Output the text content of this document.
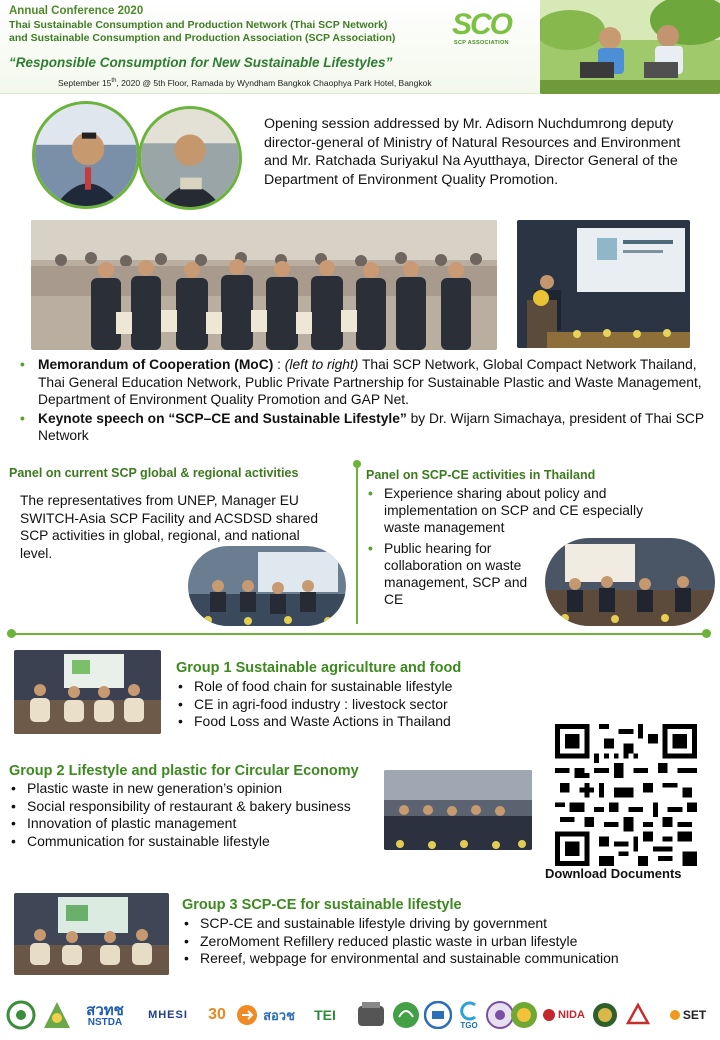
Annual Conference 2020
Thai Sustainable Consumption and Production Network (Thai SCP Network)
and Sustainable Consumption and Production Association (SCP Association)
“Responsible Consumption for New Sustainable Lifestyles”
September 15th, 2020 @ 5th Floor, Ramada by Wyndham Bangkok Chaophya Park Hotel, Bangkok
SCO
SCP ASSOCIATION
Opening session addressed by Mr. Adisorn Nuchdumrong deputy director-general of Ministry of Natural Resources and Environment and Mr. Ratchada Suriyakul Na Ayutthaya, Director General of the Department of Environment Quality Promotion.
• Memorandum of Cooperation (MoC) : (left to right) Thai SCP Network, Global Compact Network Thailand, Thai General Education Network, Public Private Partnership for Sustainable Plastic and Waste Management, Department of Environment Quality Promotion and GAP Net.
• Keynote speech on “SCP–CE and Sustainable Lifestyle” by Dr. Wijarn Simachaya, president of Thai SCP Network
Panel on current SCP global & regional activities
The representatives from UNEP, Manager EU SWITCH-Asia SCP Facility and ACSDSD shared SCP activities in global, regional, and national level.
Panel on SCP-CE activities in Thailand
• Experience sharing about policy and implementation on SCP and CE especially waste management
• Public hearing for collaboration on waste management, SCP and CE
Group 1 Sustainable agriculture and food
• Role of food chain for sustainable lifestyle
• CE in agri-food industry : livestock sector
• Food Loss and Waste Actions in Thailand
Download Documents
Group 2 Lifestyle and plastic for Circular Economy
• Plastic waste in new generation’s opinion
• Social responsibility of restaurant & bakery business
• Innovation of plastic management
• Communication for sustainable lifestyle
Group 3 SCP-CE for sustainable lifestyle
• SCP-CE and sustainable lifestyle driving by government
• ZeroMoment Refillery reduced plastic waste in urban lifestyle
• Rereef, webpage for environmental and sustainable communication
สวทช
NSTDA
MHESI	30	สอวช TEI
TGO
NIDA	SET
